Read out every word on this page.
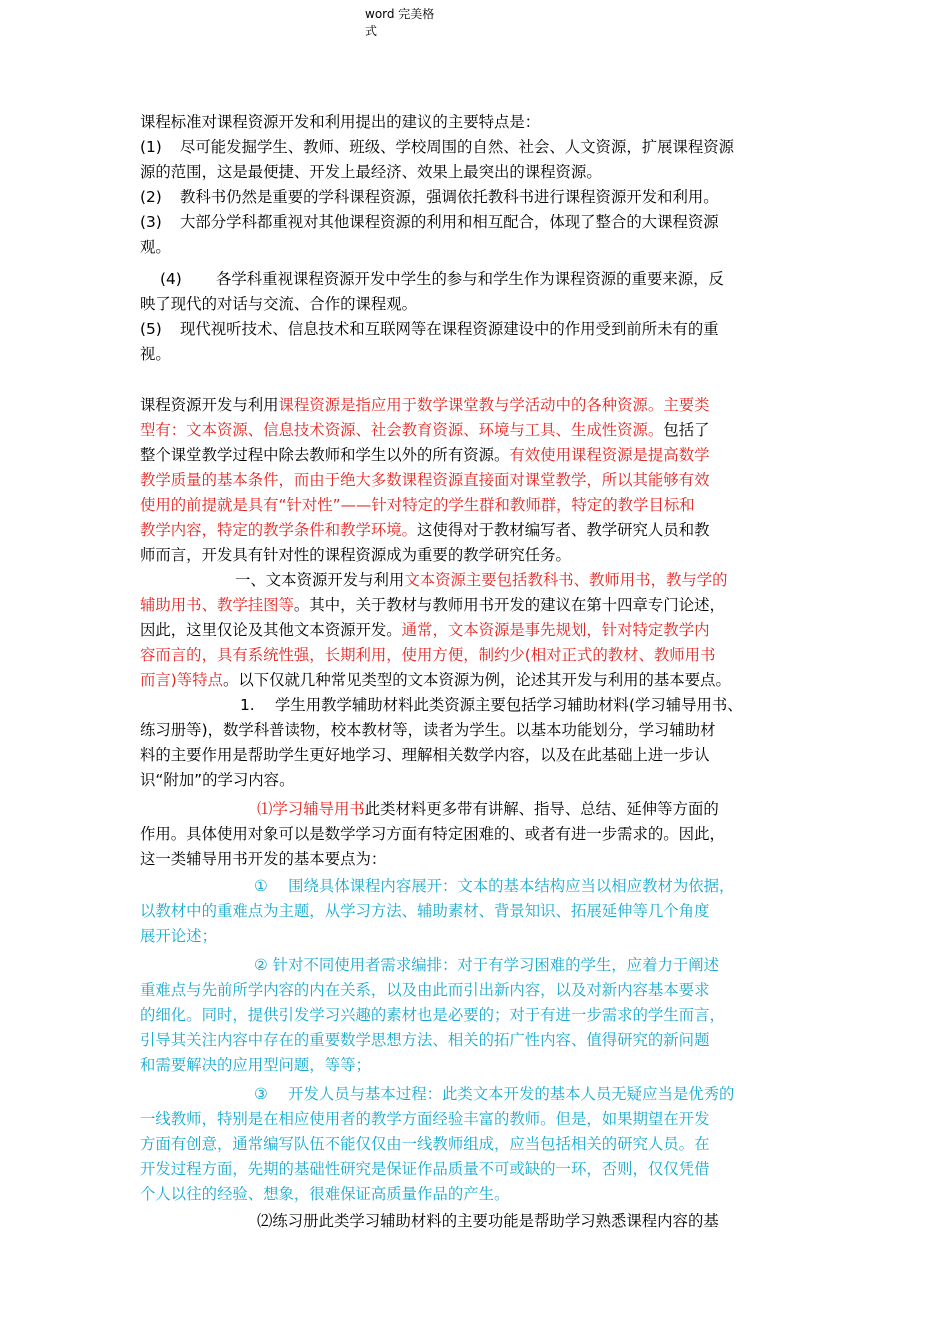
word 完美格
式

课程标准对课程资源开发和利用提出的建议的主要特点是：

(1) 尽可能发掘学生、教师、班级、学校周围的自然、社会、人文资源，扩展课程资源

源的范围，这是最便捷、开发上最经济、效果上最突出的课程资源。

(2) 教科书仍然是重要的学科课程资源，强调依托教科书进行课程资源开发和利用。

(3) 大部分学科都重视对其他课程资源的利用和相互配合，体现了整合的大课程资源

观。

(4) 各学科重视课程资源开发中学生的参与和学生作为课程资源的重要来源，反

映了现代的对话与交流、合作的课程观。

(5) 现代视听技术、信息技术和互联网等在课程资源建设中的作用受到前所未有的重

视。

课程资源开发与利用课程资源是指应用于数学课堂教与学活动中的各种资源。主要类

型有：文本资源、信息技术资源、社会教育资源、环境与工具、生成性资源。包括了

整个课堂教学过程中除去教师和学生以外的所有资源。有效使用课程资源是提高数学

教学质量的基本条件，而由于绝大多数课程资源直接面对课堂教学，所以其能够有效

使用的前提就是具有“针对性”——针对特定的学生群和教师群，特定的教学目标和

教学内容，特定的教学条件和教学环境。这使得对于教材编写者、教学研究人员和教

师而言，开发具有针对性的课程资源成为重要的教学研究任务。

一、文本资源开发与利用文本资源主要包括教科书、教师用书，教与学的

辅助用书、教学挂图等。其中，关于教材与教师用书开发的建议在第十四章专门论述，

因此，这里仅论及其他文本资源开发。通常，文本资源是事先规划，针对特定教学内

容而言的，具有系统性强，长期利用，使用方便，制约少(相对正式的教材、教师用书

而言)等特点。以下仅就几种常见类型的文本资源为例，论述其开发与利用的基本要点。

1.　 学生用教学辅助材料此类资源主要包括学习辅助材料(学习辅导用书、

练习册等)，数学科普读物，校本教材等，读者为学生。以基本功能划分，学习辅助材

料的主要作用是帮助学生更好地学习、理解相关数学内容，以及在此基础上进一步认

识“附加”的学习内容。

⑴学习辅导用书此类材料更多带有讲解、指导、总结、延伸等方面的

作用。具体使用对象可以是数学学习方面有特定困难的、或者有进一步需求的。因此，

这一类辅导用书开发的基本要点为：

①　 围绕具体课程内容展开：文本的基本结构应当以相应教材为依据，

以教材中的重难点为主题，从学习方法、辅助素材、背景知识、拓展延伸等几个角度

展开论述；

② 针对不同使用者需求编排：对于有学习困难的学生，应着力于阐述

重难点与先前所学内容的内在关系，以及由此而引出新内容，以及对新内容基本要求

的细化。同时，提供引发学习兴趣的素材也是必要的；对于有进一步需求的学生而言，

引导其关注内容中存在的重要数学思想方法、相关的拓广性内容、值得研究的新问题

和需要解决的应用型问题，等等；

③　 开发人员与基本过程：此类文本开发的基本人员无疑应当是优秀的

一线教师，特别是在相应使用者的教学方面经验丰富的教师。但是，如果期望在开发

方面有创意，通常编写队伍不能仅仅由一线教师组成，应当包括相关的研究人员。在

开发过程方面，先期的基础性研究是保证作品质量不可或缺的一环，否则，仅仅凭借

个人以往的经验、想象，很难保证高质量作品的产生。

⑵练习册此类学习辅助材料的主要功能是帮助学习熟悉课程内容的基
